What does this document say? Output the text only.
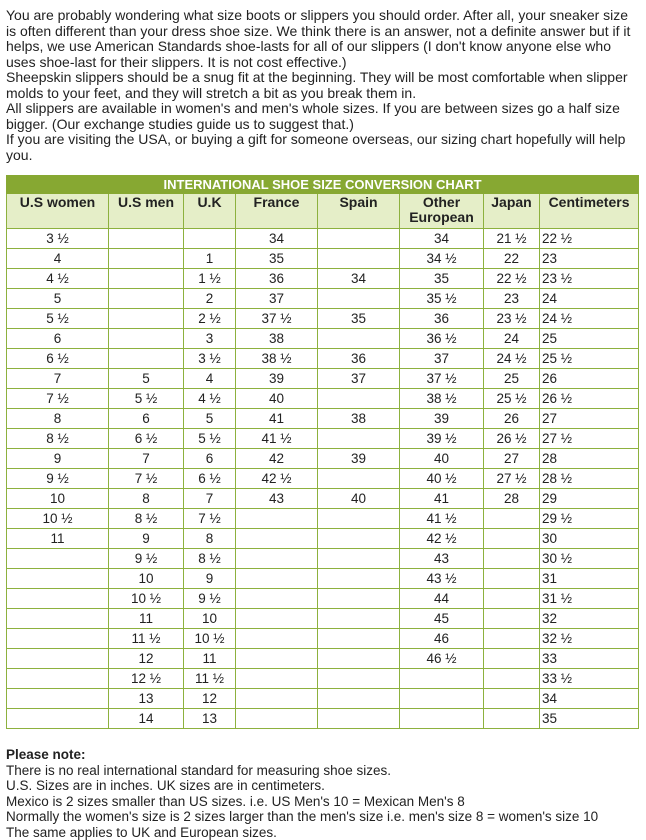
You are probably wondering what size boots or slippers you should order. After all, your sneaker size is often different than your dress shoe size. We think there is an answer, not a definite answer but if it helps, we use American Standards shoe-lasts for all of our slippers (I don't know anyone else who uses shoe-last for their slippers. It is not cost effective.)

Sheepskin slippers should be a snug fit at the beginning. They will be most comfortable when slipper molds to your feet, and they will stretch a bit as you break them in.

All slippers are available in women's and men's whole sizes. If you are between sizes go a half size bigger. (Our exchange studies guide us to suggest that.)

If you are visiting the USA, or buying a gift for someone overseas, our sizing chart hopefully will help you.

INTERNATIONAL SHOE SIZE CONVERSION CHART							
U.S women	U.S men	U.K	France	Spain	Other European	Japan	Centimeters
3 ½			34		34	21 ½	22 ½
4		1	35		34 ½	22	23
4 ½		1 ½	36	34	35	22 ½	23 ½
5		2	37		35 ½	23	24
5 ½		2 ½	37 ½	35	36	23 ½	24 ½
6		3	38		36 ½	24	25
6 ½		3 ½	38 ½	36	37	24 ½	25 ½
7	5	4	39	37	37 ½	25	26
7 ½	5 ½	4 ½	40		38 ½	25 ½	26 ½
8	6	5	41	38	39	26	27
8 ½	6 ½	5 ½	41 ½		39 ½	26 ½	27 ½
9	7	6	42	39	40	27	28
9 ½	7 ½	6 ½	42 ½		40 ½	27 ½	28 ½
10	8	7	43	40	41	28	29
10 ½	8 ½	7 ½			41 ½		29 ½
11	9	8			42 ½		30
	9 ½	8 ½			43		30 ½
	10	9			43 ½		31
	10 ½	9 ½			44		31 ½
	11	10			45		32
	11 ½	10 ½			46		32 ½
	12	11			46 ½		33
	12 ½	11 ½					33 ½
	13	12					34
	14	13					35

Please note:

There is no real international standard for measuring shoe sizes.

U.S. Sizes are in inches. UK sizes are in centimeters.

Mexico is 2 sizes smaller than US sizes. i.e. US Men's 10 = Mexican Men's 8

Normally the women's size is 2 sizes larger than the men's size i.e. men's size 8 = women's size 10

The same applies to UK and European sizes.
